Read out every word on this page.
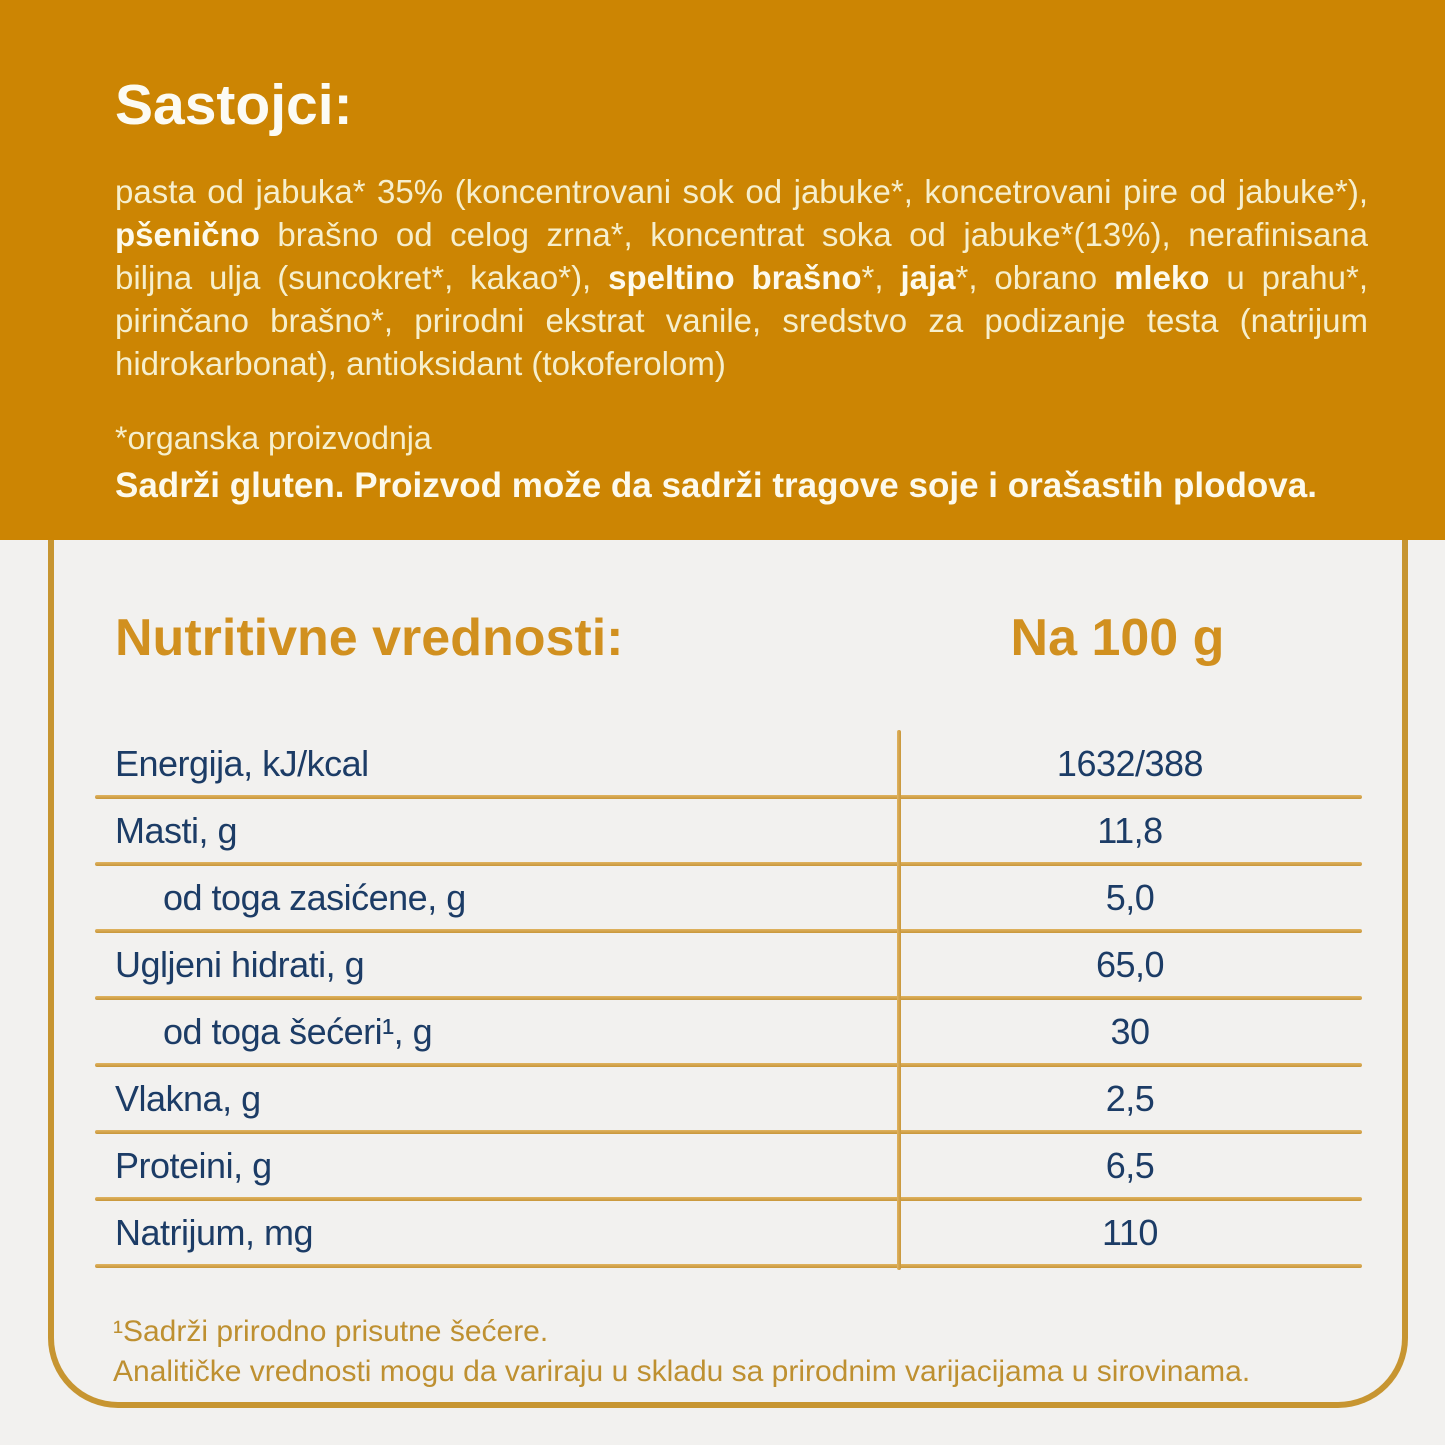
Sastojci:
pasta od jabuka* 35% (koncentrovani sok od jabuke*, koncetrovani pire od jabuke*), pšenično brašno od celog zrna*, koncentrat soka od jabuke*(13%), nerafinisana biljna ulja (suncokret*, kakao*), speltino brašno*, jaja*, obrano mleko u prahu*, pirinčano brašno*, prirodni ekstrat vanile, sredstvo za podizanje testa (natrijum hidrokarbonat), antioksidant (tokoferolom)
*organska proizvodnja
Sadrži gluten. Proizvod može da sadrži tragove soje i orašastih plodova.
Nutritivne vrednosti:	Na 100 g
Energija, kJ/kcal	1632/388
Masti, g	11,8
od toga zasićene, g	5,0
Ugljeni hidrati, g	65,0
od toga šećeri¹, g	30
Vlakna, g	2,5
Proteini, g	6,5
Natrijum, mg	110
¹Sadrži prirodno prisutne šećere.
Analitičke vrednosti mogu da variraju u skladu sa prirodnim varijacijama u sirovinama.
